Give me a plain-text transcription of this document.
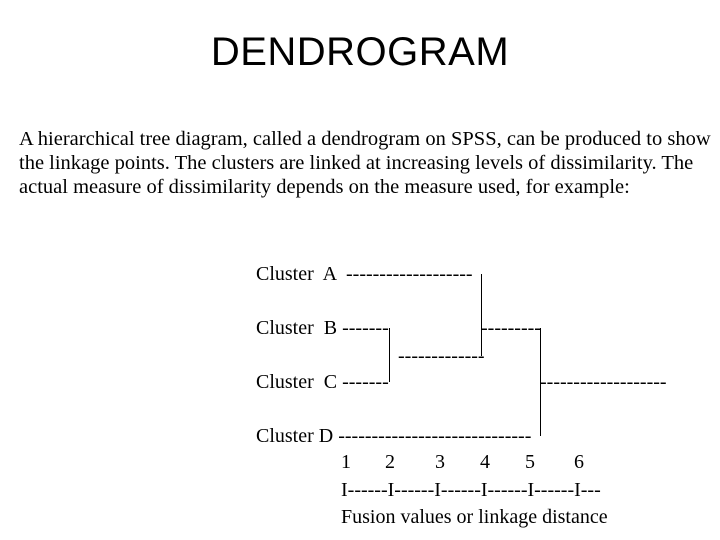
DENDROGRAM
A hierarchical tree diagram, called a dendrogram on SPSS, can be produced to show
the linkage points. The clusters are linked at increasing levels of dissimilarity. The
actual measure of dissimilarity depends on the measure used, for example:
Cluster  A  -------------------
Cluster  B -------
Cluster  C -------
Cluster D -----------------------------
-------------
---------
-------------------
1 2 3 4 5 6
I------I------I------I------I------I---
Fusion values or linkage distance
